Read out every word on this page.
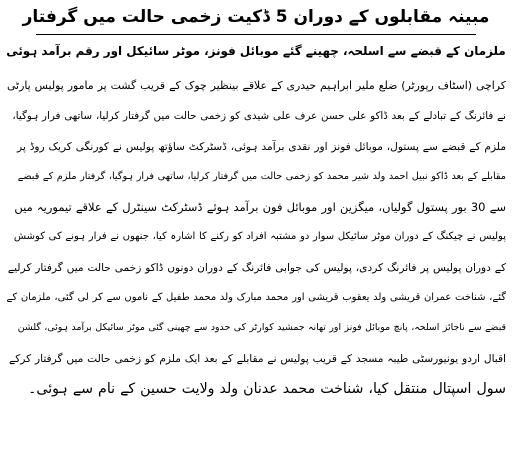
مبینہ مقابلوں کے دوران 5 ڈکیت زخمی حالت میں گرفتار
ملزمان کے قبضے سے اسلحہ، چھینے گئے موبائل فونز، موٹر سائیکل اور رقم برآمد ہوئی
کراچی (اسٹاف رپورٹر) ضلع ملیر ابراہیم حیدری کے علاقے بینظیر چوک کے قریب گشت پر مامور پولیس پارٹی
نے فائرنگ کے تبادلے کے بعد ڈاکو علی حسن عرف علی شیدی کو زخمی حالت میں گرفتار کرلیا، ساتھی فرار ہوگیا،
ملزم کے قبضے سے پستول، موبائل فونز اور نقدی برآمد ہوئی، ڈسٹرکٹ ساؤتھ پولیس نے کورنگی کریک روڈ پر
مقابلے کے بعد ڈاکو نبیل احمد ولد شیر محمد کو زخمی حالت میں گرفتار کرلیا، ساتھی فرار ہوگیا، گرفتار ملزم کے قبضے
سے 30 بور پستول گولیاں، میگزین اور موبائل فون برآمد ہوئے ڈسٹرکٹ سینٹرل کے علاقے تیموریہ میں
پولیس نے چیکنگ کے دوران موٹر سائیکل سوار دو مشتبہ افراد کو رکنے کا اشارہ کیا، جنھوں نے فرار ہونے کی کوشش
کے دوران پولیس پر فائرنگ کردی، پولیس کی جوابی فائرنگ کے دوران دونوں ڈاکو زخمی حالت میں گرفتار کرلیے
گئے، شناخت عمران قریشی ولد یعقوب قریشی اور محمد مبارک ولد محمد طفیل کے ناموں سے کر لی گئی، ملزمان کے
قبضے سے ناجائز اسلحہ، پانچ موبائل فونز اور تھانہ جمشید کوارٹر کی حدود سے چھینی گئی موٹر سائیکل برآمد ہوئی، گلشن
اقبال اردو یونیورسٹی طیبہ مسجد کے قریب پولیس نے مقابلے کے بعد ایک ملزم کو زخمی حالت میں گرفتار کرکے
سول اسپتال منتقل کیا، شناخت محمد عدنان ولد ولایت حسین کے نام سے ہوئی۔
